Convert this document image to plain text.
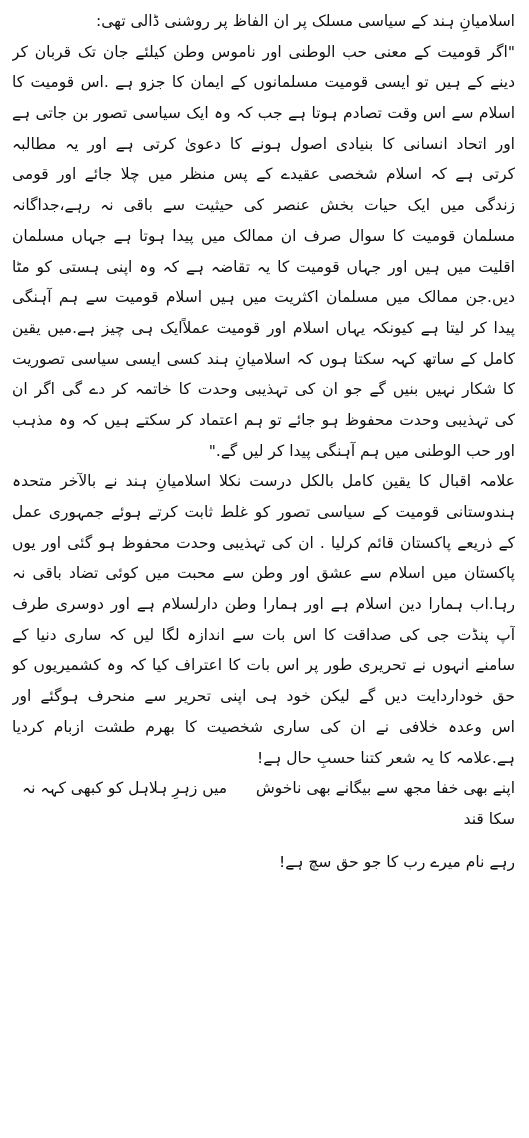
اسلامیانِ ہند کے سیاسی مسلک پر ان الفاظ پر روشنی ڈالی تھی:
"اگر قومیت کے معنی حب الوطنی اور ناموس وطن کیلئے جان تک قربان کر
دینے کے ہیں تو ایسی قومیت مسلمانوں کے ایمان کا جزو ہے .اس قومیت کا
اسلام سے اس وقت تصادم ہوتا ہے جب کہ وہ ایک سیاسی تصور بن جاتی ہے
اور اتحاد انسانی کا بنیادی اصول ہونے کا دعویٰ کرتی ہے اور یہ مطالبہ
کرتی ہے کہ اسلام شخصی عقیدے کے پس منظر میں چلا جائے اور قومی
زندگی میں ایک حیات بخش عنصر کی حیثیت سے باقی نہ رہے،جداگانہ
مسلمان قومیت کا سوال صرف ان ممالک میں پیدا ہوتا ہے جہاں مسلمان
اقلیت میں ہیں اور جہاں قومیت کا یہ تقاضہ ہے کہ وہ اپنی ہستی کو مٹا
دیں.جن ممالک میں مسلمان اکثریت میں ہیں اسلام قومیت سے ہم آہنگی
پیدا کر لیتا ہے کیونکہ یہاں اسلام اور قومیت عملاًایک ہی چیز ہے.میں یقین
کامل کے ساتھ کہہ سکتا ہوں کہ اسلامیانِ ہند کسی ایسی سیاسی تصوریت
کا شکار نہیں بنیں گے جو ان کی تہذیبی وحدت کا خاتمہ کر دے گی اگر ان
کی تہذیبی وحدت محفوظ ہو جائے تو ہم اعتماد کر سکتے ہیں کہ وہ مذہب
اور حب الوطنی میں ہم آہنگی پیدا کر لیں گے."
علامہ اقبال کا یقین کامل بالکل درست نکلا اسلامیانِ ہند نے بالآخر متحدہ
ہندوستانی قومیت کے سیاسی تصور کو غلط ثابت کرتے ہوئے جمہوری عمل
کے ذریعے پاکستان قائم کرلیا . ان کی تہذیبی وحدت محفوظ ہو گئی اور یوں
پاکستان میں اسلام سے عشق اور وطن سے محبت میں کوئی تضاد باقی نہ
رہا.اب ہمارا دین اسلام ہے اور ہمارا وطن دارلسلام ہے اور دوسری طرف
آپ پنڈت جی کی صداقت کا اس بات سے اندازہ لگا لیں کہ ساری دنیا کے
سامنے انہوں نے تحریری طور پر اس بات کا اعتراف کیا کہ وہ کشمیریوں کو
حق خوداردایت دیں گے لیکن خود ہی اپنی تحریر سے منحرف ہوگئے اور
اس وعدہ خلافی نے ان کی ساری شخصیت کا بھرم طشت ازبام کردیا
ہے.علامہ کا یہ شعر کتنا حسبِ حال ہے!
اپنے بھی خفا مجھ سے بیگانے بھی ناخوش
میں زہرِ ہلاہل کو کبھی کہہ نہ
سکا قند
رہے نام میرے رب کا جو حق سچ ہے!
